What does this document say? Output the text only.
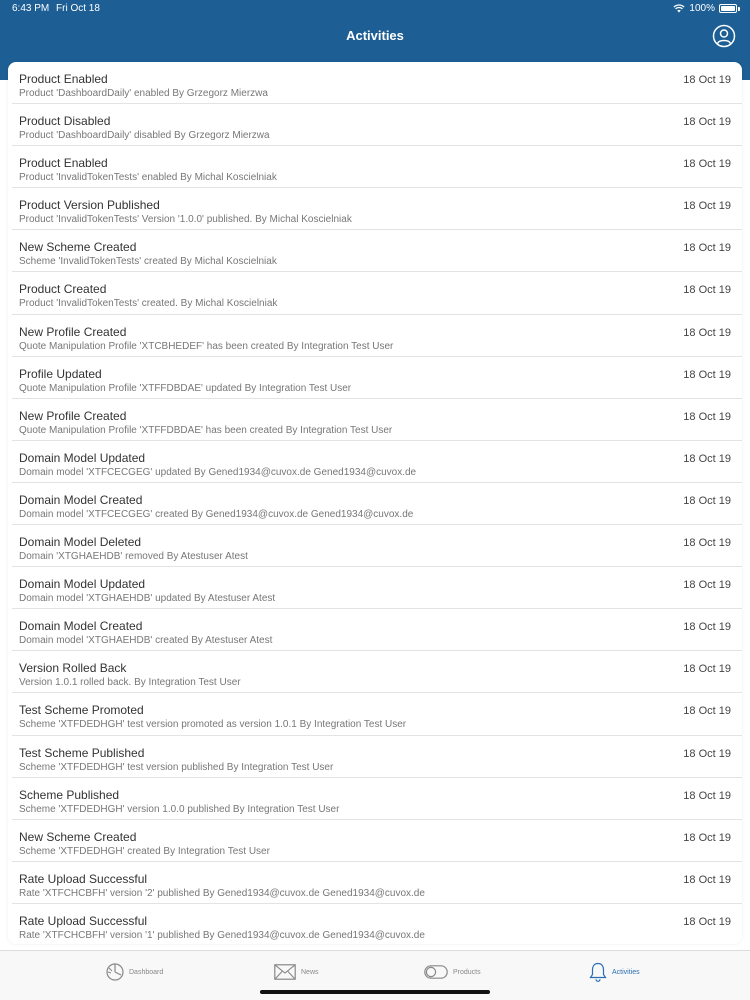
6:43 PM Fri Oct 18	100%
Activities
Product Enabled
Product 'DashboardDaily' enabled By Grzegorz Mierzwa
18 Oct 19
Product Disabled
Product 'DashboardDaily' disabled By Grzegorz Mierzwa
18 Oct 19
Product Enabled
Product 'InvalidTokenTests' enabled By Michal Koscielniak
18 Oct 19
Product Version Published
Product 'InvalidTokenTests' Version '1.0.0' published. By Michal Koscielniak
18 Oct 19
New Scheme Created
Scheme 'InvalidTokenTests' created By Michal Koscielniak
18 Oct 19
Product Created
Product 'InvalidTokenTests' created. By Michal Koscielniak
18 Oct 19
New Profile Created
Quote Manipulation Profile 'XTCBHEDEF' has been created By Integration Test User
18 Oct 19
Profile Updated
Quote Manipulation Profile 'XTFFDBDAE' updated By Integration Test User
18 Oct 19
New Profile Created
Quote Manipulation Profile 'XTFFDBDAE' has been created By Integration Test User
18 Oct 19
Domain Model Updated
Domain model 'XTFCECGEG' updated By Gened1934@cuvox.de Gened1934@cuvox.de
18 Oct 19
Domain Model Created
Domain model 'XTFCECGEG' created By Gened1934@cuvox.de Gened1934@cuvox.de
18 Oct 19
Domain Model Deleted
Domain 'XTGHAEHDB' removed By Atestuser Atest
18 Oct 19
Domain Model Updated
Domain model 'XTGHAEHDB' updated By Atestuser Atest
18 Oct 19
Domain Model Created
Domain model 'XTGHAEHDB' created By Atestuser Atest
18 Oct 19
Version Rolled Back
Version 1.0.1 rolled back. By Integration Test User
18 Oct 19
Test Scheme Promoted
Scheme 'XTFDEDHGH' test version promoted as version 1.0.1 By Integration Test User
18 Oct 19
Test Scheme Published
Scheme 'XTFDEDHGH' test version published By Integration Test User
18 Oct 19
Scheme Published
Scheme 'XTFDEDHGH' version 1.0.0 published By Integration Test User
18 Oct 19
New Scheme Created
Scheme 'XTFDEDHGH' created By Integration Test User
18 Oct 19
Rate Upload Successful
Rate 'XTFCHCBFH' version '2' published By Gened1934@cuvox.de Gened1934@cuvox.de
18 Oct 19
Rate Upload Successful
Rate 'XTFCHCBFH' version '1' published By Gened1934@cuvox.de Gened1934@cuvox.de
18 Oct 19
Dashboard	News	Products	Activities
